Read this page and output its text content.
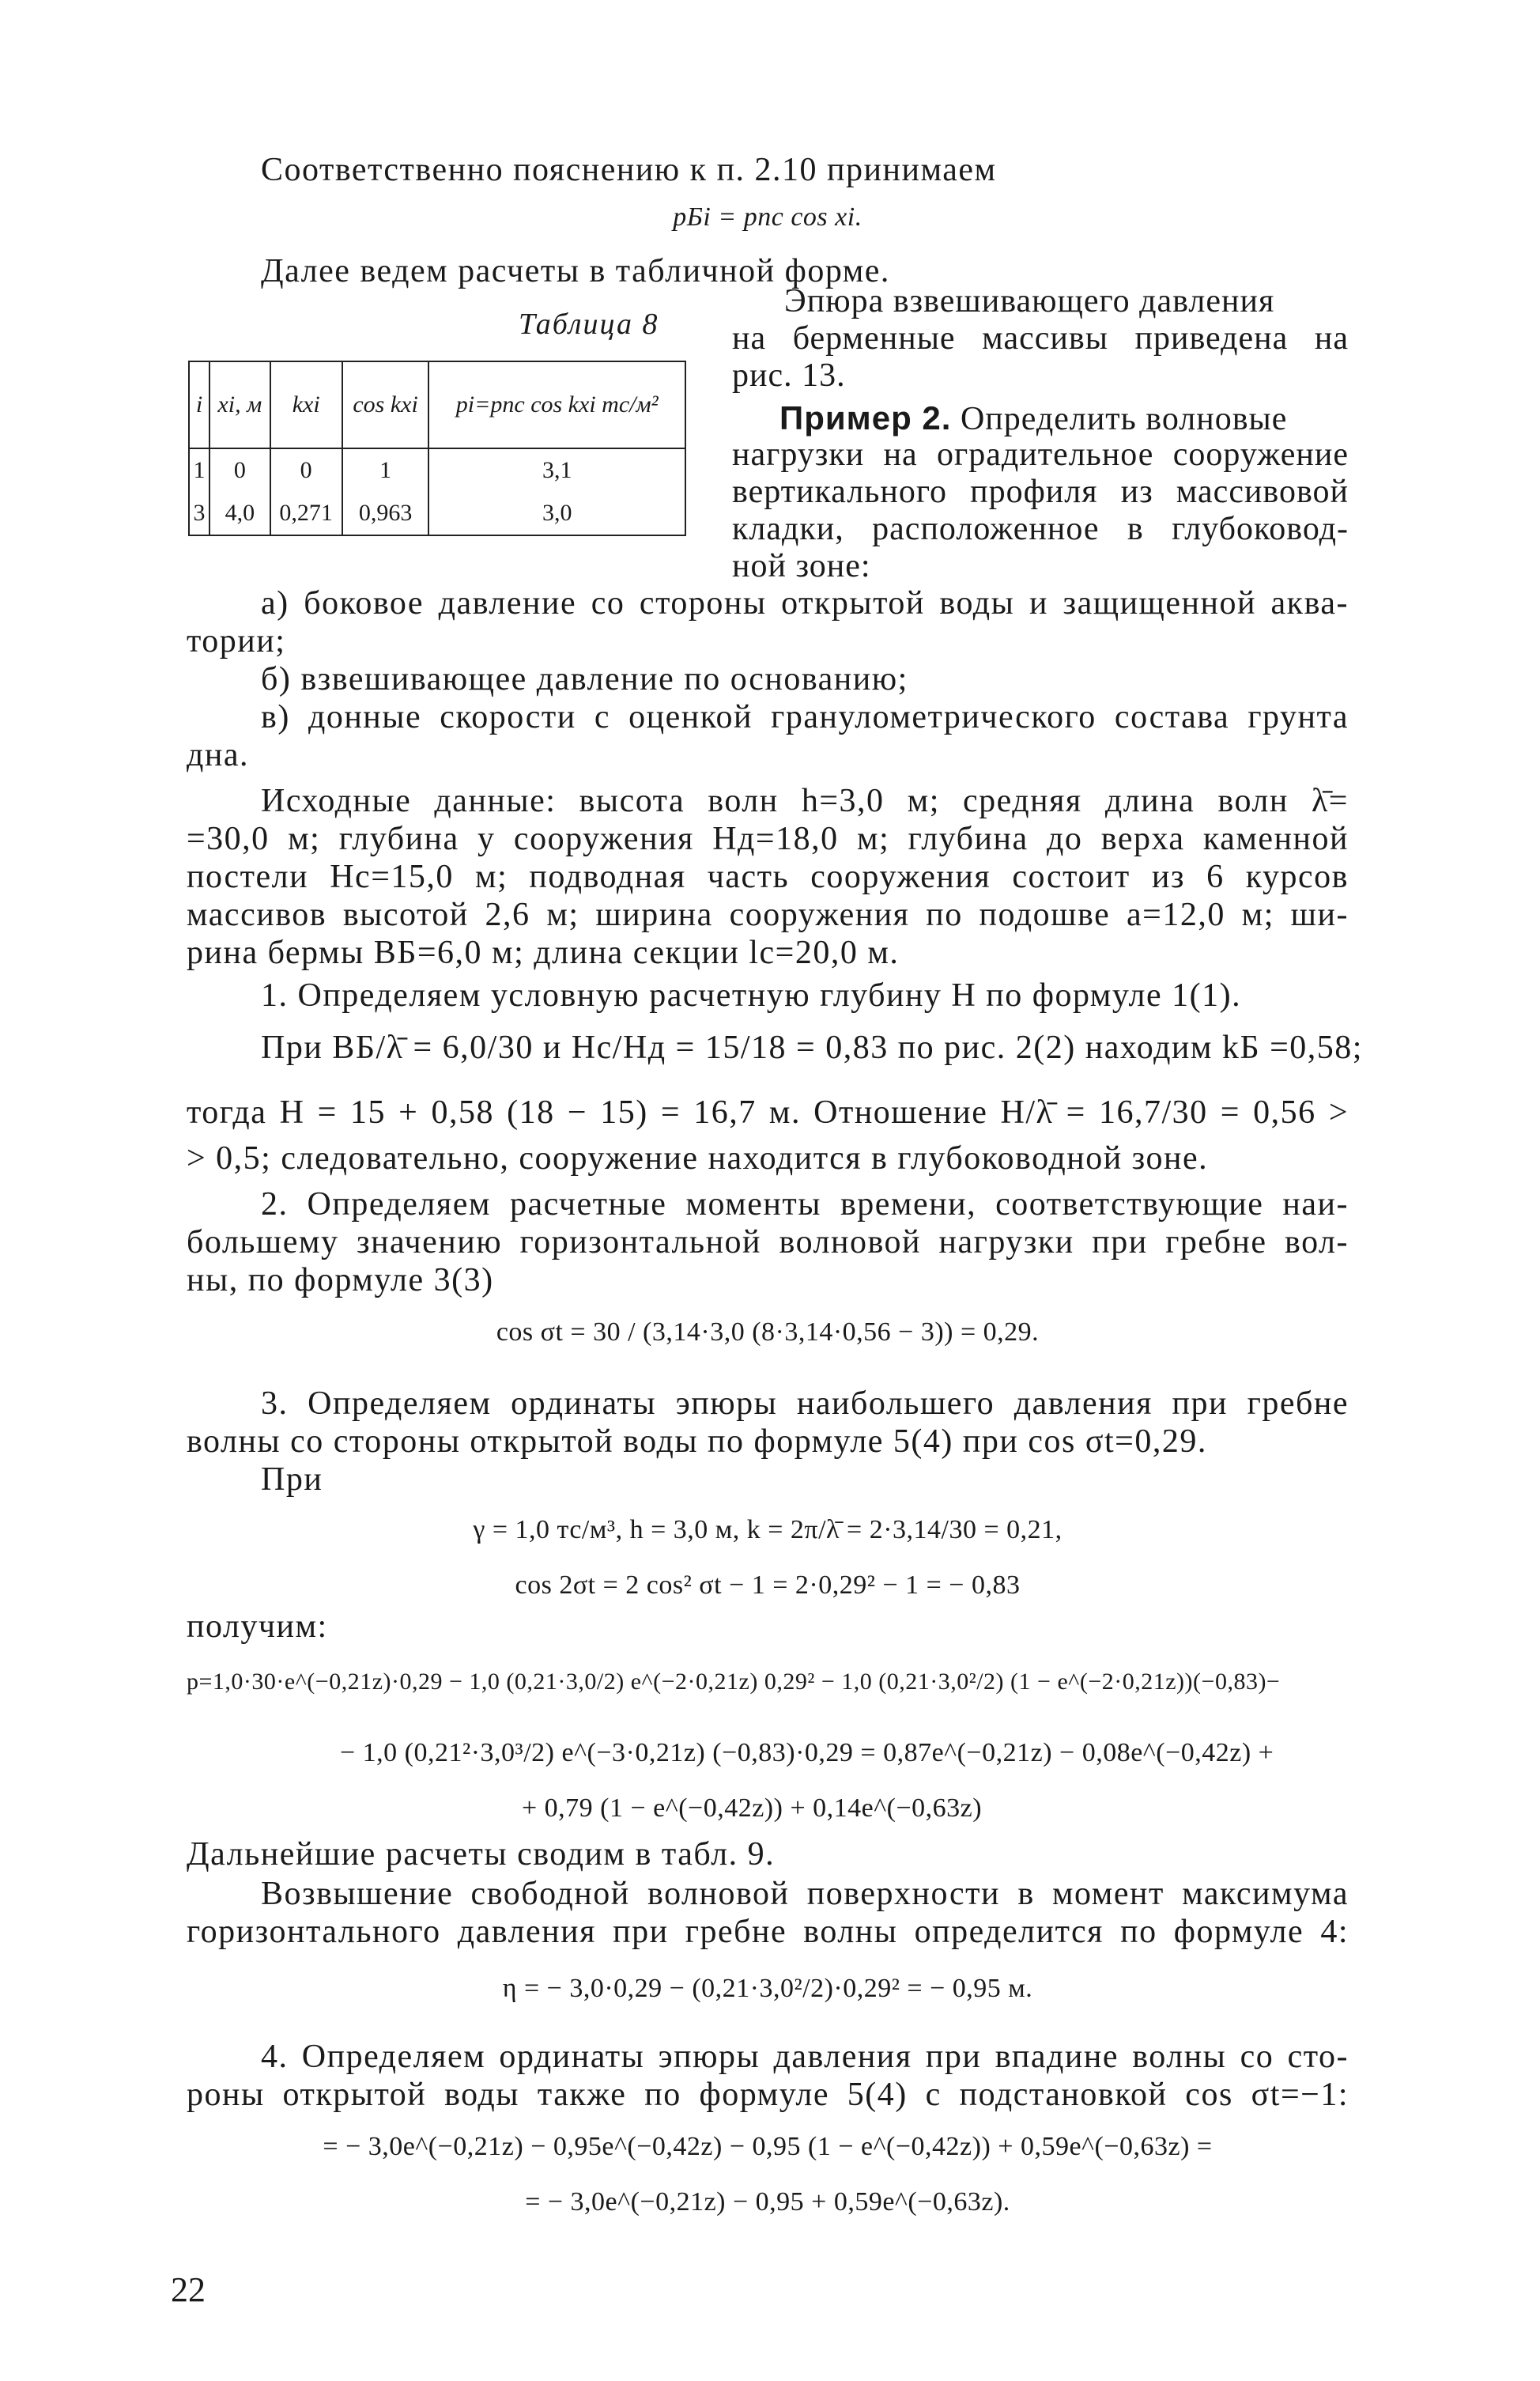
Соответственно пояснению к п. 2.10 принимаем
pБi = pпс cos xi.
Далее ведем расчеты в табличной форме.
Таблица 8
i	xi, м	kxi	cos kxi	pi=pпс cos kxi тс/м²
1	0	0	1	3,1
3	4,0	0,271	0,963	3,0
Эпюра взвешивающего давления
на берменные массивы приведена на
рис. 13.
Пример 2. Определить волновые
нагрузки на оградительное сооружение
вертикального профиля из массивовой
кладки, расположенное в глубоковод-
ной зоне:
а) боковое давление со стороны открытой воды и защищенной аква-
тории;
б) взвешивающее давление по основанию;
в) донные скорости с оценкой гранулометрического состава грунта
дна.
Исходные данные: высота волн h=3,0 м; средняя длина волн λ̄=
=30,0 м; глубина у сооружения Hд=18,0 м; глубина до верха каменной
постели Hс=15,0 м; подводная часть сооружения состоит из 6 курсов
массивов высотой 2,6 м; ширина сооружения по подошве a=12,0 м; ши-
рина бермы BБ=6,0 м; длина секции lс=20,0 м.
1. Определяем условную расчетную глубину H по формуле 1(1).
При BБ/λ̄ = 6,0/30 и Hс/Hд = 15/18 = 0,83 по рис. 2(2) находим kБ =0,58;
тогда H = 15 + 0,58 (18 − 15) = 16,7 м. Отношение H/λ̄ = 16,7/30 = 0,56 >
> 0,5; следовательно, сооружение находится в глубоководной зоне.
2. Определяем расчетные моменты времени, соответствующие наи-
большему значению горизонтальной волновой нагрузки при гребне вол-
ны, по формуле 3(3)
cos σt = 30 / (3,14·3,0 (8·3,14·0,56 − 3)) = 0,29.
3. Определяем ординаты эпюры наибольшего давления при гребне
волны со стороны открытой воды по формуле 5(4) при cos σt=0,29.
При
γ = 1,0 тс/м³, h = 3,0 м, k = 2π/λ̄ = 2·3,14/30 = 0,21,
cos 2σt = 2 cos² σt − 1 = 2·0,29² − 1 = − 0,83
получим:
p=1,0·30·e^(−0,21z)·0,29 − 1,0 (0,21·3,0/2) e^(−2·0,21z) 0,29² − 1,0 (0,21·3,0²/2) (1 − e^(−2·0,21z))(−0,83)−
− 1,0 (0,21²·3,0³/2) e^(−3·0,21z) (−0,83)·0,29 = 0,87e^(−0,21z) − 0,08e^(−0,42z) +
+ 0,79 (1 − e^(−0,42z)) + 0,14e^(−0,63z)
Дальнейшие расчеты сводим в табл. 9.
Возвышение свободной волновой поверхности в момент максимума
горизонтального давления при гребне волны определится по формуле 4:
η = − 3,0·0,29 − (0,21·3,0²/2)·0,29² = − 0,95 м.
4. Определяем ординаты эпюры давления при впадине волны со сто-
роны открытой воды также по формуле 5(4) с подстановкой cos σt=−1:
= − 3,0e^(−0,21z) − 0,95e^(−0,42z) − 0,95 (1 − e^(−0,42z)) + 0,59e^(−0,63z) =
= − 3,0e^(−0,21z) − 0,95 + 0,59e^(−0,63z).
22
